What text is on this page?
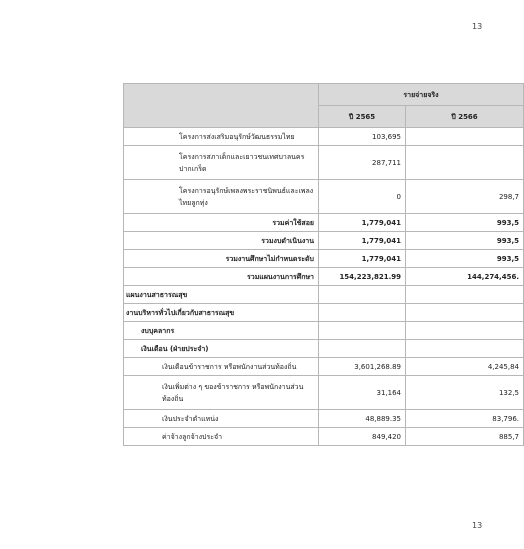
13
	รายจ่ายจริง	
	ปี 2565	ปี 2566
โครงการส่งเสริมอนุรักษ์วัฒนธรรมไทย	103,695	
โครงการสภาเด็กและเยาวชนเทศบาลนครปากเกร็ด	287,711	
โครงการอนุรักษ์เพลงพระราชนิพนธ์และเพลงไทยลูกทุ่ง	0	298,7
รวมค่าใช้สอย	1,779,041	993,5
รวมงบดำเนินงาน	1,779,041	993,5
รวมงานศึกษาไม่กำหนดระดับ	1,779,041	993,5
รวมแผนงานการศึกษา	154,223,821.99	144,274,456.
แผนงานสาธารณสุข		
งานบริหารทั่วไปเกี่ยวกับสาธารณสุข		
งบบุคลากร		
เงินเดือน (ฝ่ายประจำ)		
เงินเดือนข้าราชการ หรือพนักงานส่วนท้องถิ่น	3,601,268.89	4,245,84
เงินเพิ่มต่าง ๆ ของข้าราชการ หรือพนักงานส่วนท้องถิ่น	31,164	132,5
เงินประจำตำแหน่ง	48,889.35	83,796.
ค่าจ้างลูกจ้างประจำ	849,420	885,7
13
